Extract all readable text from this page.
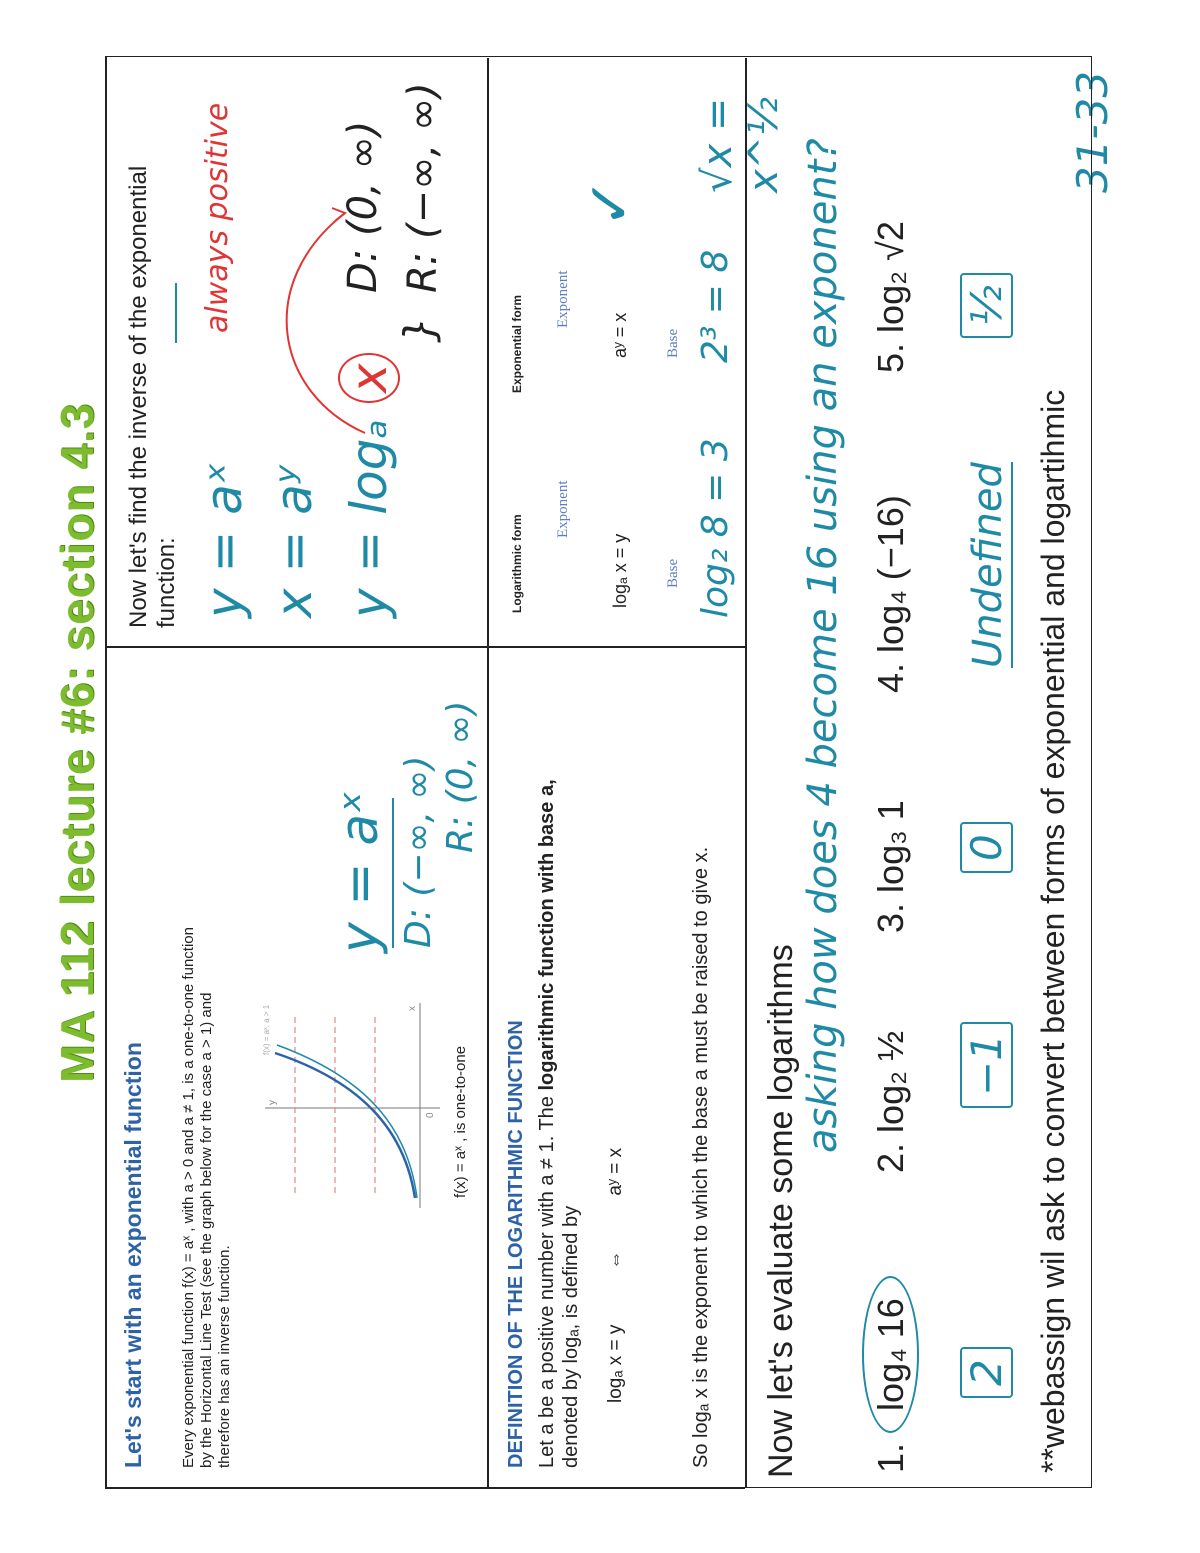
MA 112 lecture #6: section 4.3
31-33
Let's start with an exponential function Every exponential function f(x) = aˣ , with a > 0 and a ≠ 1, is a one-to-one function by the Horizontal Line Test (see the graph below for the case a > 1) and therefore has an inverse function.
y
x
0
f(x) = aˣ, a > 1
f(x) = aˣ , is one-to-one
y = aˣ D: (−∞, ∞) R: (0, ∞)
Now let's find the inverse of the exponential function: y = aˣ x = aʸ y = logₐ x
}
D: (0, ∞) R: (−∞, ∞)
always positive
DEFINITION OF THE LOGARITHMIC FUNCTION Let a be a positive number with a ≠ 1. The logarithmic function with base a,
denoted by logₐ, is defined by logₐ x = y
⇔
aʸ = x	So logₐ x is the exponent to which the base a must be raised to give x.
Logarithmic form
Exponential form
Exponent
Exponent
logₐ x = y
aʸ = x
Base
Base
✓
log₂ 8 = 3
2³ = 8
√x = x^½
Now let's evaluate some logarithms
asking how does 4 become 16 using an exponent?
1. log₄ 16 2
2. log₂ ½ −1
3. log₃ 1 0
4. log₄ (−16) Undefined
5. log₂ √2 ½
**webassign wil ask to convert between forms of exponential and logartihmic
